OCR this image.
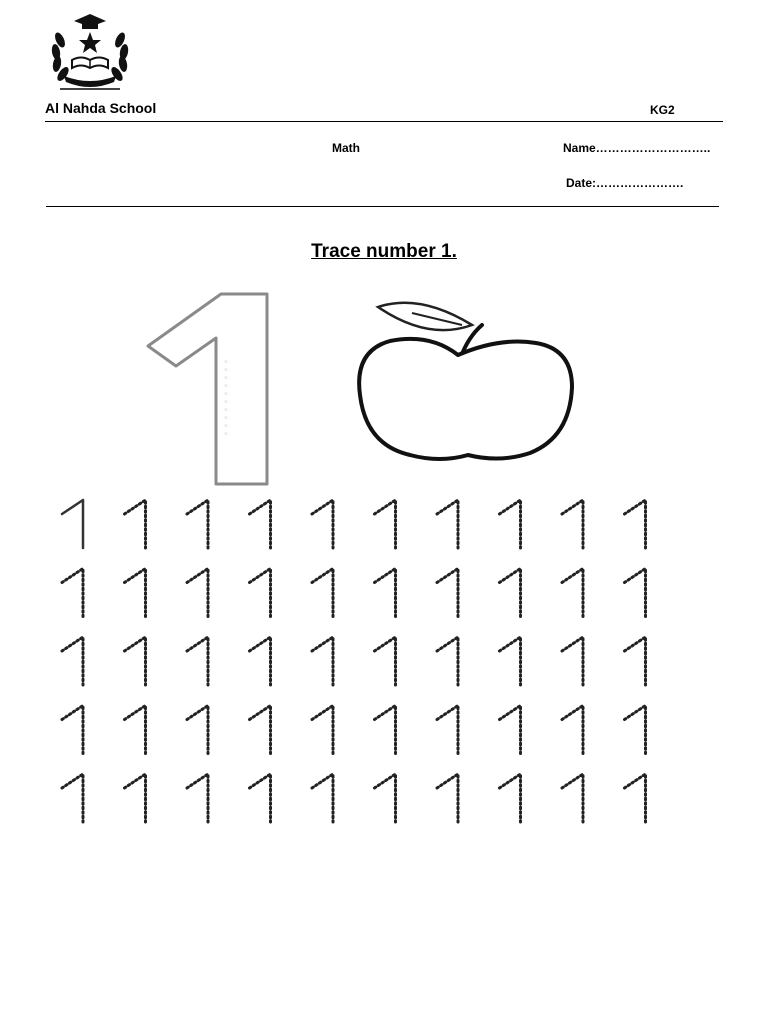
Al Nahda School	KG2
Math	Name………………………..
Date:………………….
Trace number 1.
